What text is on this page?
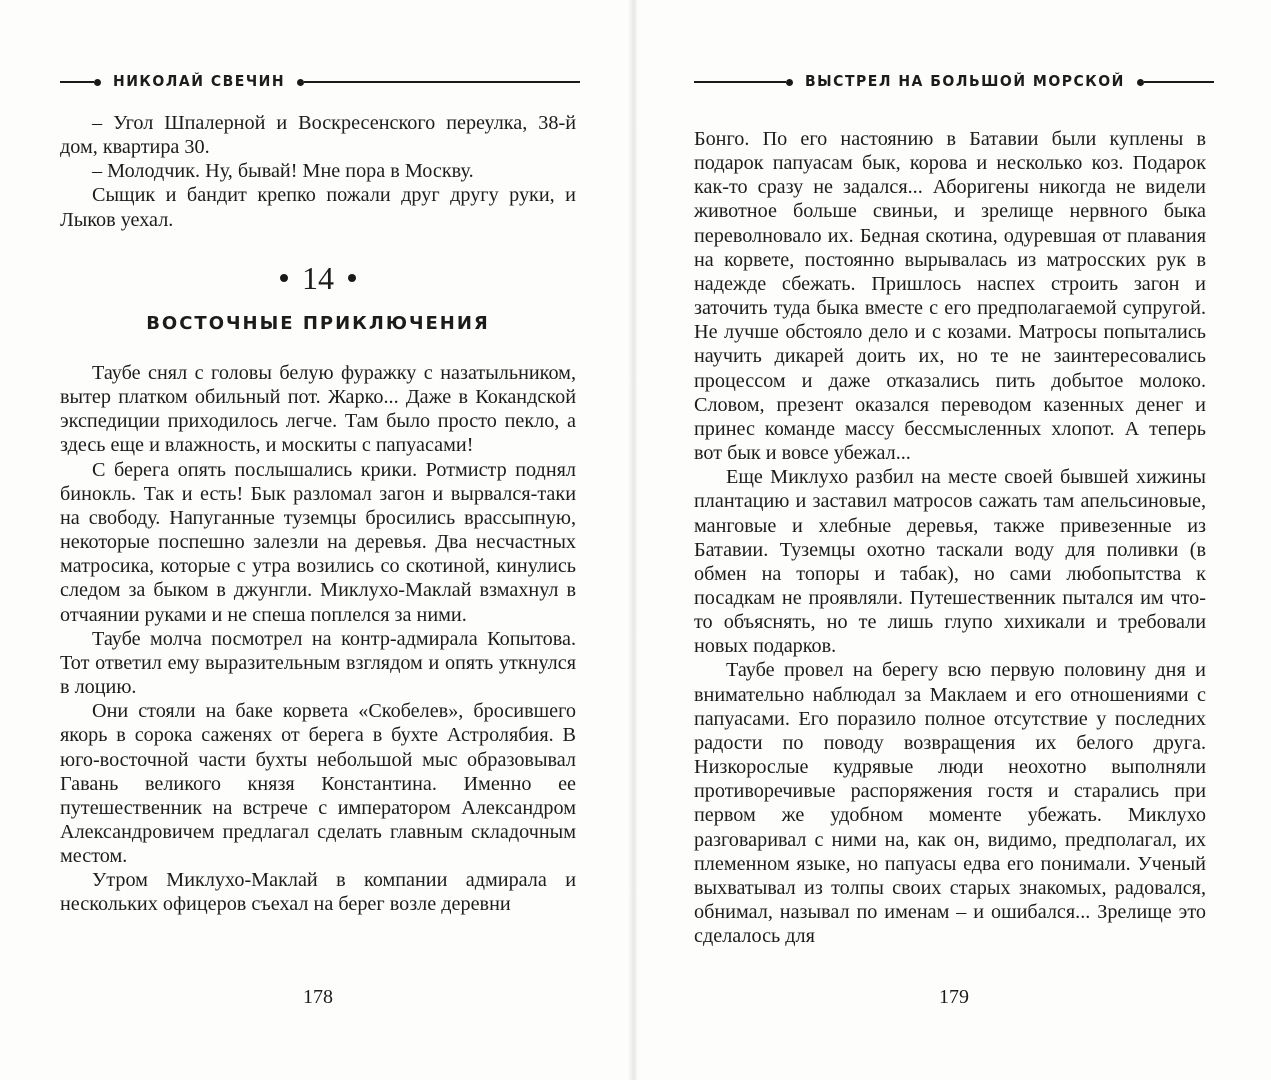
НИКОЛАЙ СВЕЧИН

– Угол Шпалерной и Воскресенского переулка, 38-й дом, квартира 30.

– Молодчик. Ну, бывай! Мне пора в Москву.

Сыщик и бандит крепко пожали друг другу руки, и Лыков уехал.

14
ВОСТОЧНЫЕ ПРИКЛЮЧЕНИЯ

Таубе снял с головы белую фуражку с назатыльником, вытер платком обильный пот. Жарко... Даже в Кокандской экспедиции приходилось легче. Там было просто пекло, а здесь еще и влажность, и москиты с папуасами!

С берега опять послышались крики. Ротмистр поднял бинокль. Так и есть! Бык разломал загон и вырвался-таки на свободу. Напуганные туземцы бросились врассыпную, некоторые поспешно залезли на деревья. Два несчастных матросика, которые с утра возились со скотиной, кинулись следом за быком в джунгли. Миклухо-Маклай взмахнул в отчаянии руками и не спеша поплелся за ними.

Таубе молча посмотрел на контр-адмирала Копытова. Тот ответил ему выразительным взглядом и опять уткнулся в лоцию.

Они стояли на баке корвета «Скобелев», бросившего якорь в сорока саженях от берега в бухте Астролябия. В юго-восточной части бухты небольшой мыс образовывал Гавань великого князя Константина. Именно ее путешественник на встрече с императором Александром Александровичем предлагал сделать главным складочным местом.

Утром Миклухо-Маклай в компании адмирала и нескольких офицеров съехал на берег возле деревни

178
ВЫСТРЕЛ НА БОЛЬШОЙ МОРСКОЙ

Бонго. По его настоянию в Батавии были куплены в подарок папуасам бык, корова и несколько коз. Подарок как-то сразу не задался... Аборигены никогда не видели животное больше свиньи, и зрелище нервного быка переволновало их. Бедная скотина, одуревшая от плавания на корвете, постоянно вырывалась из матросских рук в надежде сбежать. Пришлось наспех строить загон и заточить туда быка вместе с его предполагаемой супругой. Не лучше обстояло дело и с козами. Матросы попытались научить дикарей доить их, но те не заинтересовались процессом и даже отказались пить добытое молоко. Словом, презент оказался переводом казенных денег и принес команде массу бессмысленных хлопот. А теперь вот бык и вовсе убежал...

Еще Миклухо разбил на месте своей бывшей хижины плантацию и заставил матросов сажать там апельсиновые, манговые и хлебные деревья, также привезенные из Батавии. Туземцы охотно таскали воду для поливки (в обмен на топоры и табак), но сами любопытства к посадкам не проявляли. Путешественник пытался им что-то объяснять, но те лишь глупо хихикали и требовали новых подарков.

Таубе провел на берегу всю первую половину дня и внимательно наблюдал за Маклаем и его отношениями с папуасами. Его поразило полное отсутствие у последних радости по поводу возвращения их белого друга. Низкорослые кудрявые люди неохотно выполняли противоречивые распоряжения гостя и старались при первом же удобном моменте убежать. Миклухо разговаривал с ними на, как он, видимо, предполагал, их племенном языке, но папуасы едва его понимали. Ученый выхватывал из толпы своих старых знакомых, радовался, обнимал, называл по именам – и ошибался... Зрелище это сделалось для

179
